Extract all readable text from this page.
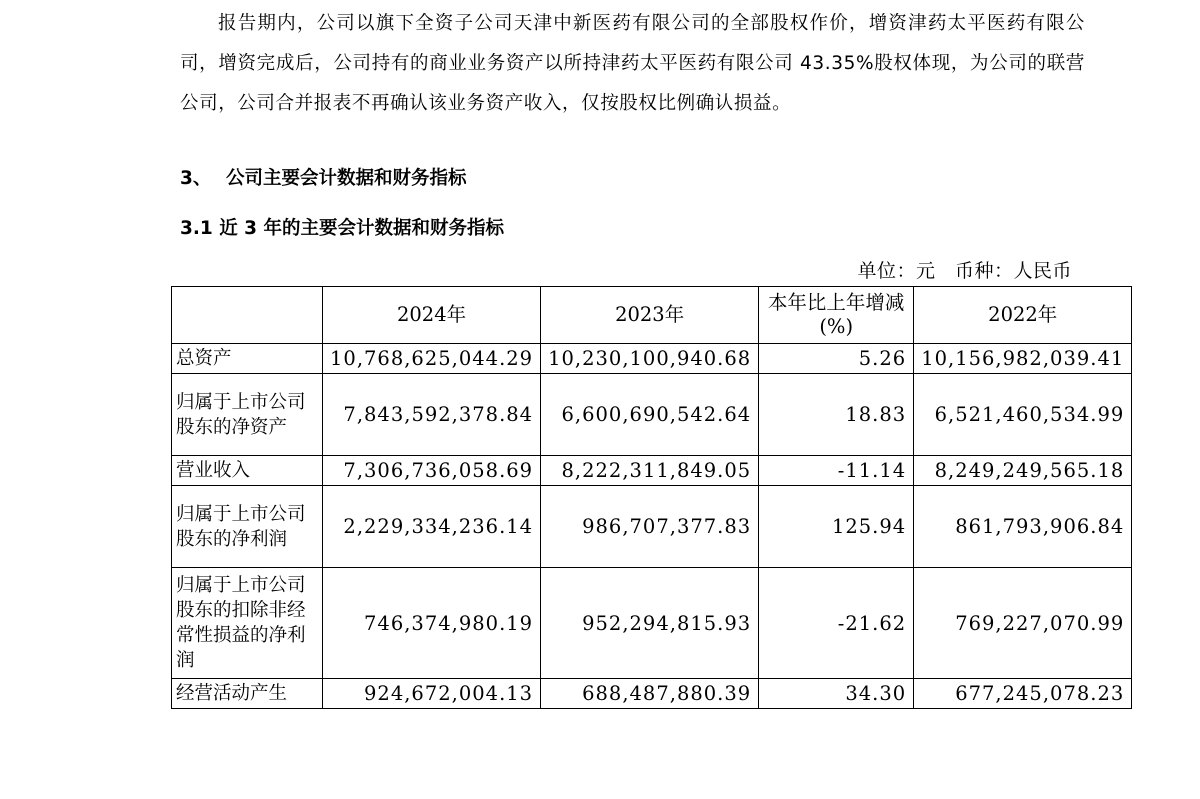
报告期内，公司以旗下全资子公司天津中新医药有限公司的全部股权作价，增资津药太平医药有限公司，增资完成后，公司持有的商业业务资产以所持津药太平医药有限公司 43.35%股权体现，为公司的联营公司，公司合并报表不再确认该业务资产收入，仅按股权比例确认损益。

3、 公司主要会计数据和财务指标

3.1 近 3 年的主要会计数据和财务指标

单位：元　币种：人民币

	2024年	2023年	本年比上年增减(%)	2022年
总资产	10,768,625,044.29	10,230,100,940.68	5.26	10,156,982,039.41
归属于上市公司股东的净资产	7,843,592,378.84	6,600,690,542.64	18.83	6,521,460,534.99
营业收入	7,306,736,058.69	8,222,311,849.05	-11.14	8,249,249,565.18
归属于上市公司股东的净利润	2,229,334,236.14	986,707,377.83	125.94	861,793,906.84
归属于上市公司股东的扣除非经常性损益的净利润	746,374,980.19	952,294,815.93	-21.62	769,227,070.99
经营活动产生	924,672,004.13	688,487,880.39	34.30	677,245,078.23
